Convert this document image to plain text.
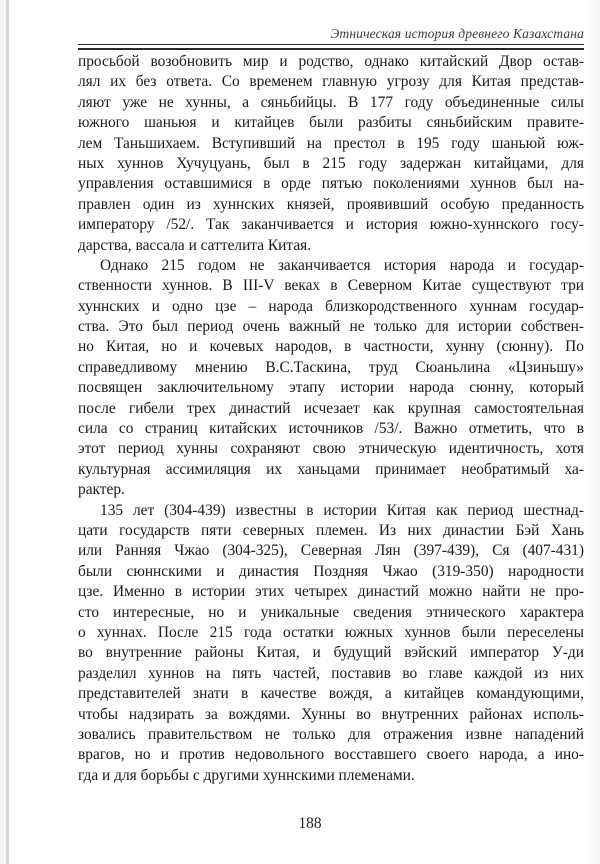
Этническая история древнего Казахстана

просьбой возобновить мир и родство, однако китайский Двор остав-
лял их без ответа. Со временем главную угрозу для Китая представ-
ляют уже не хунны, а сяньбийцы. В 177 году объединенные силы
южного шаньюя и китайцев были разбиты сяньбийским правите-
лем Таньшихаем. Вступивший на престол в 195 году шаньюй юж-
ных хуннов Хучуцуань, был в 215 году задержан китайцами, для
управления оставшимися в орде пятью поколениями хуннов был на-
правлен один из хуннских князей, проявивший особую преданность
императору /52/. Так заканчивается и история южно-хуннского госу-
дарства, вассала и саттелита Китая.

Однако 215 годом не заканчивается история народа и государ-
ственности хуннов. В III-V веках в Северном Китае существуют три
хуннских и одно цзе – народа близкородственного хуннам государ-
ства. Это был период очень важный не только для истории собствен-
но Китая, но и кочевых народов, в частности, хунну (сюнну). По
справедливому мнению В.С.Таскина, труд Сюаньлина «Цзиньшу»
посвящен заключительному этапу истории народа сюнну, который
после гибели трех династий исчезает как крупная самостоятельная
сила со страниц китайских источников /53/. Важно отметить, что в
этот период хунны сохраняют свою этническую идентичность, хотя
культурная ассимиляция их ханьцами принимает необратимый ха-
рактер.

135 лет (304-439) известны в истории Китая как период шестнад-
цати государств пяти северных племен. Из них династии Бэй Хань
или Ранняя Чжао (304-325), Северная Лян (397-439), Ся (407-431)
были сюннскими и династия Поздняя Чжао (319-350) народности
цзе. Именно в истории этих четырех династий можно найти не про-
сто интересные, но и уникальные сведения этнического характера
о хуннах. После 215 года остатки южных хуннов были переселены
во внутренние районы Китая, и будущий вэйский император У-ди
разделил хуннов на пять частей, поставив во главе каждой из них
представителей знати в качестве вождя, а китайцев командующими,
чтобы надзирать за вождями. Хунны во внутренних районах исполь-
зовались правительством не только для отражения извне нападений
врагов, но и против недовольного восставшего своего народа, а ино-
гда и для борьбы с другими хуннскими племенами.

188
